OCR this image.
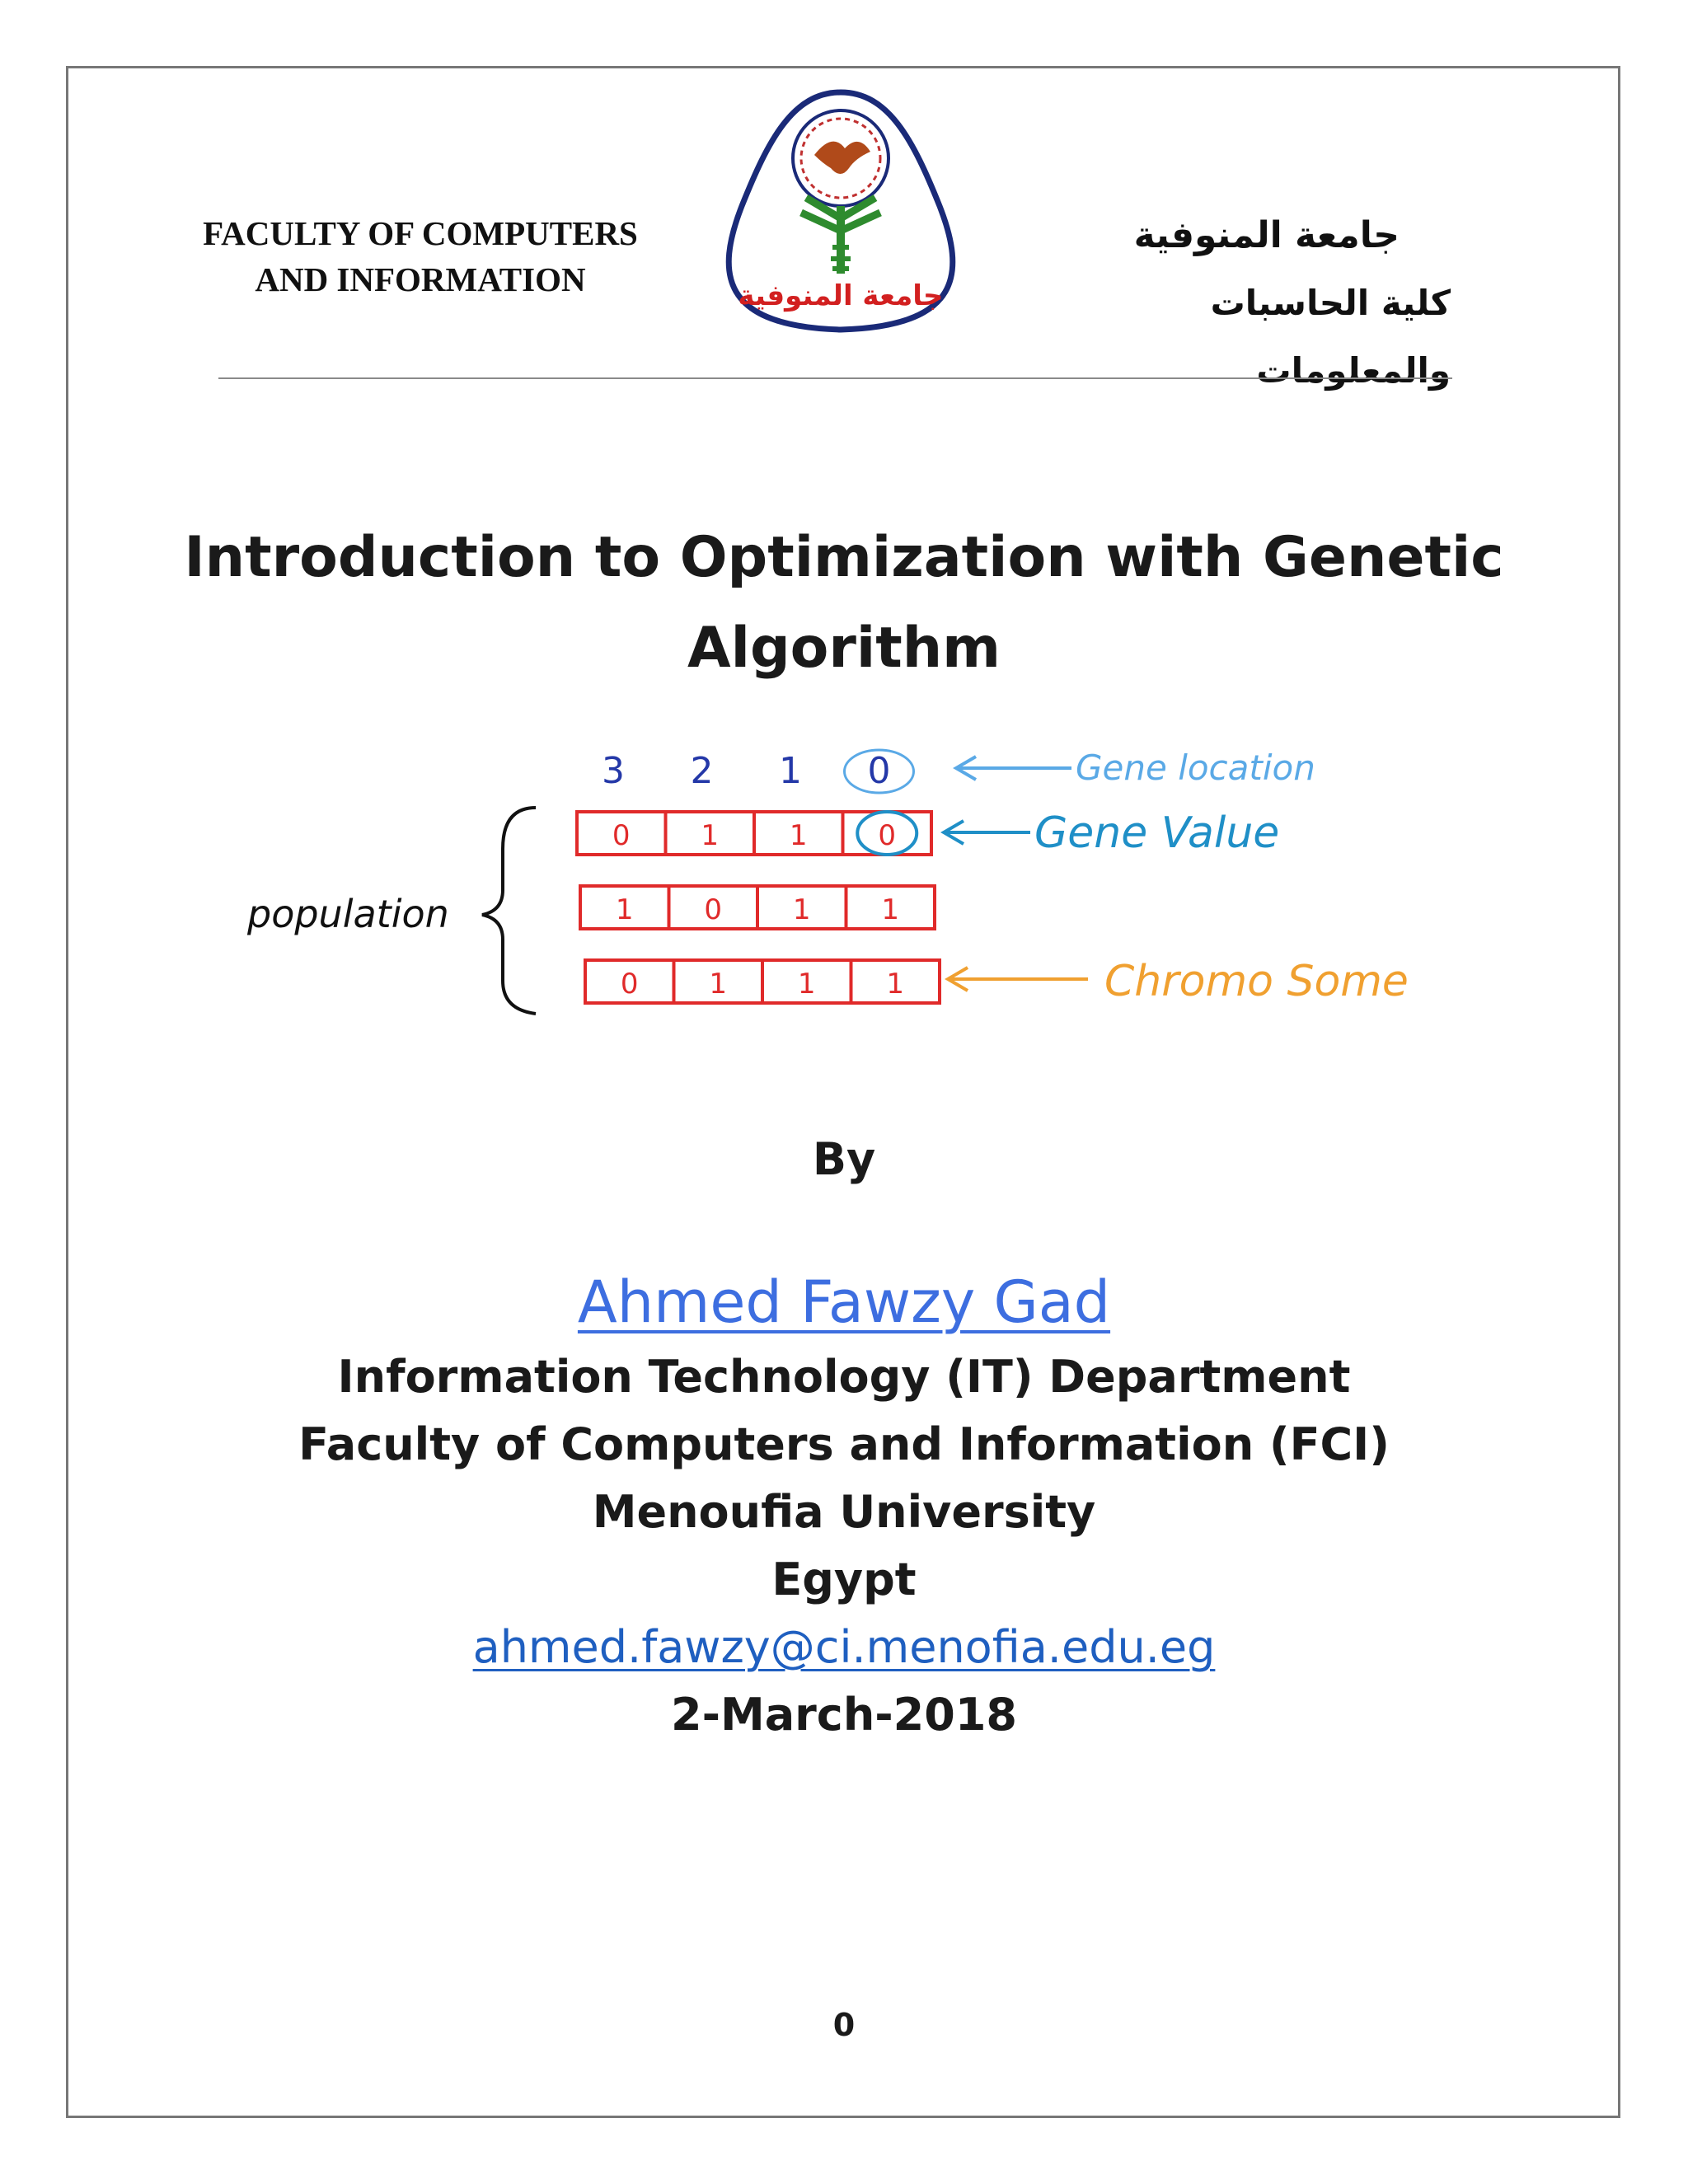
FACULTY OF COMPUTERS
AND INFORMATION	جامعة المنوفية
جامعة المنوفية
كلية الحاسبات والمعلومات
Introduction to Optimization with Genetic
Algorithm
3 2 1 0
0	1	1	0
1	0	1	1
0	1	1	1
population
Gene location
Gene Value
Chromo Some
By
Ahmed Fawzy Gad
Information Technology (IT) Department
Faculty of Computers and Information (FCI)
Menoufia University
Egypt
ahmed.fawzy@ci.menofia.edu.eg
2-March-2018
0
